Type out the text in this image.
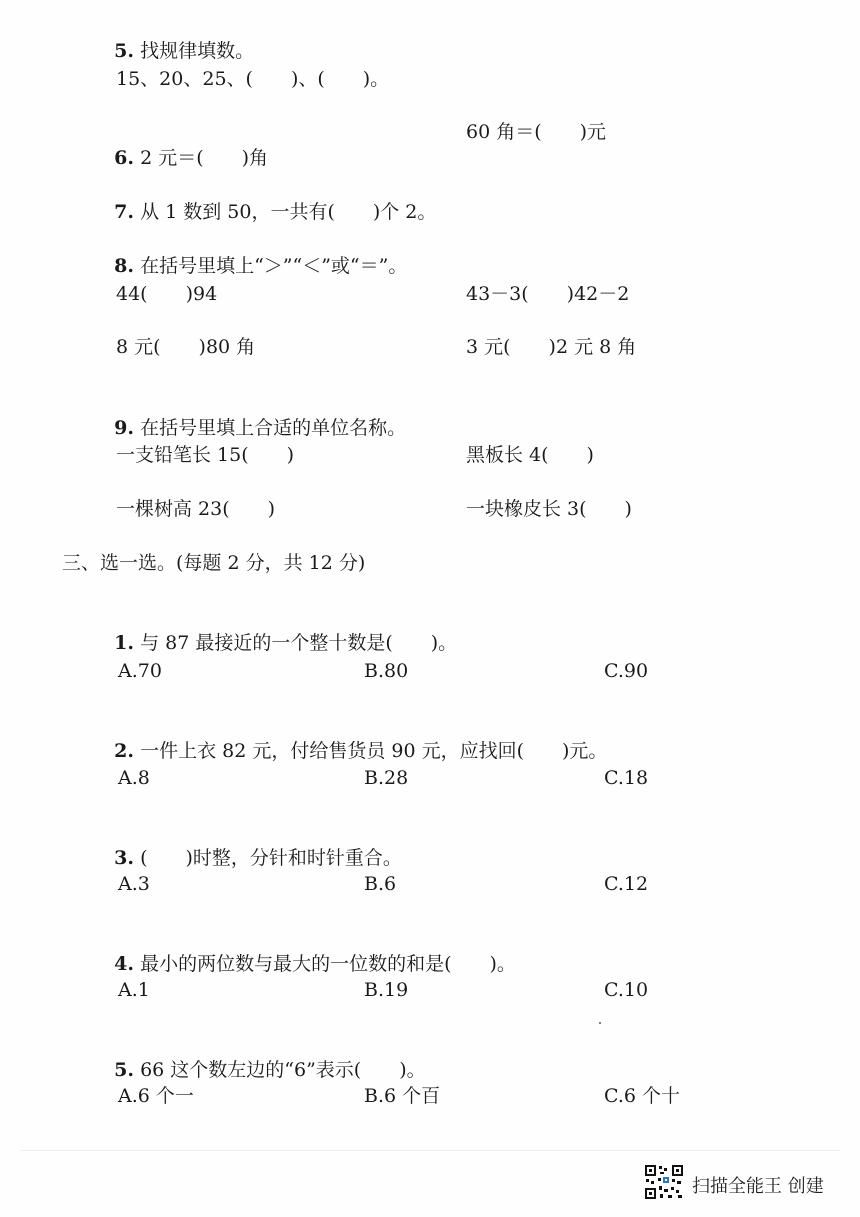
5. 找规律填数。

15、20、25、(　　)、(　　)。

6. 2 元＝(　　)角

60 角＝(　　)元

7. 从 1 数到 50，一共有(　　)个 2。

8. 在括号里填上“＞”“＜”或“＝”。

44(　　)94	43－3(　　)42－2
8 元(　　)80 角	3 元(　　)2 元 8 角

9. 在括号里填上合适的单位名称。

一支铅笔长 15(　　)	黑板长 4(　　)
一棵树高 23(　　)	一块橡皮长 3(　　)
三、选一选。(每题 2 分，共 12 分)

1. 与 87 最接近的一个整十数是(　　)。

A.70	B.80	C.90

2. 一件上衣 82 元，付给售货员 90 元，应找回(　　)元。

A.8	B.28	C.18

3. (　　)时整，分针和时针重合。

A.3	B.6	C.12

4. 最小的两位数与最大的一位数的和是(　　)。

A.1	B.19	C.10

5. 66 这个数左边的“6”表示(　　)。

A.6 个一	B.6 个百	C.6 个十
扫描全能王 创建
